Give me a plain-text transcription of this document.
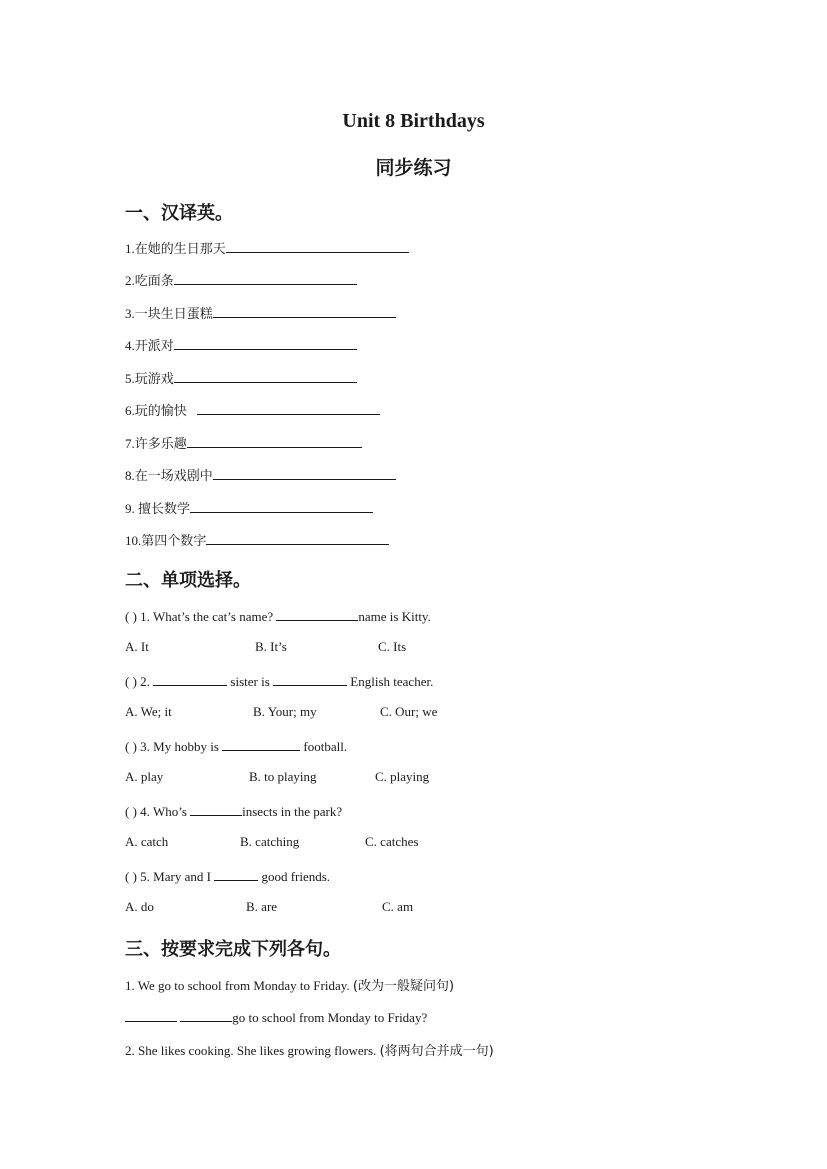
Unit 8 Birthdays
同步练习
一、汉译英。
1.在她的生日那天
2.吃面条
3.一块生日蛋糕
4.开派对
5.玩游戏
6.玩的愉快
7.许多乐趣
8.在一场戏剧中
9. 擅长数学
10.第四个数字
二、单项选择。
( ) 1. What’s the cat’s name?	name is Kitty.
A. It	B. It’s	C. Its
( ) 2.	sister is	English teacher.
A. We; it	B. Your; my	C. Our; we
( ) 3. My hobby is	football.
A. play	B. to playing	C. playing
( ) 4. Who’s	insects in the park?
A. catch	B. catching	C. catches
( ) 5. Mary and I	good friends.
A. do	B. are	C. am
三、按要求完成下列各句。
1. We go to school from Monday to Friday. (改为一般疑问句)
go to school from Monday to Friday?
2. She likes cooking. She likes growing flowers. (将两句合并成一句)
